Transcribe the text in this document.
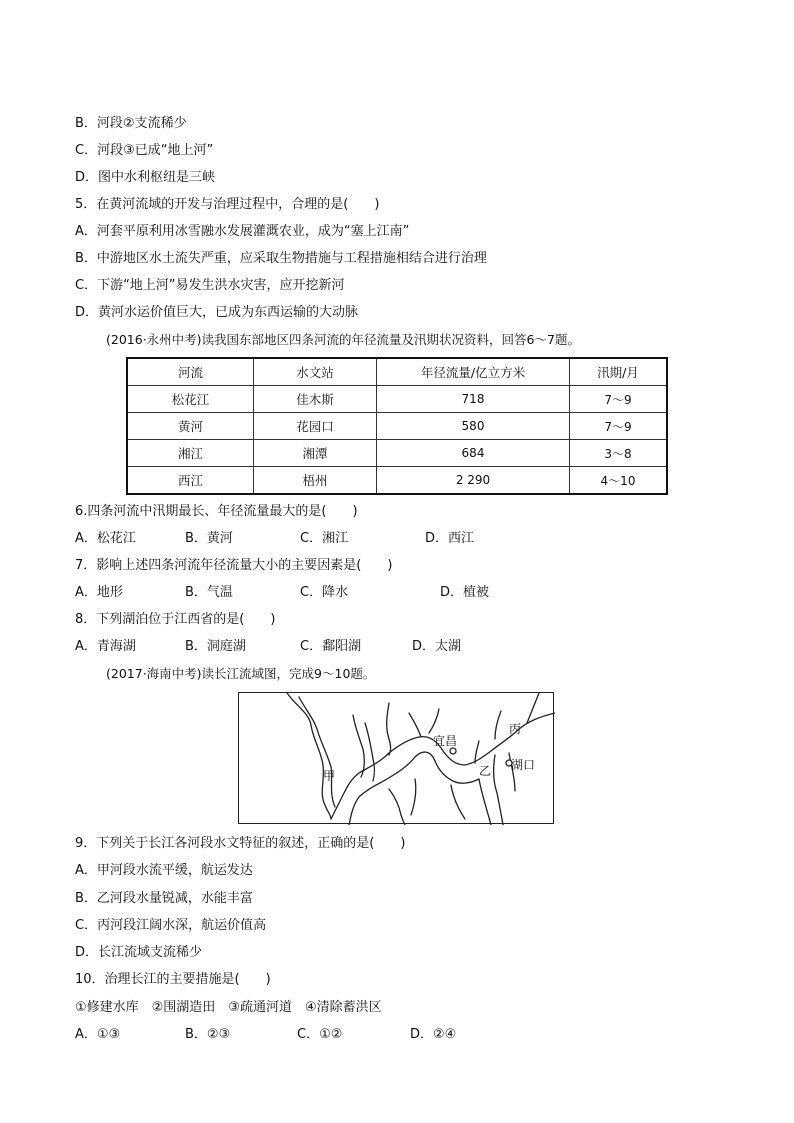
B．河段②支流稀少
C．河段③已成“地上河”
D．图中水利枢纽是三峡
5．在黄河流域的开发与治理过程中，合理的是(　　)
A．河套平原利用冰雪融水发展灌溉农业，成为“塞上江南”
B．中游地区水土流失严重，应采取生物措施与工程措施相结合进行治理
C．下游“地上河”易发生洪水灾害，应开挖新河
D．黄河水运价值巨大，已成为东西运输的大动脉
(2016·永州中考)读我国东部地区四条河流的年径流量及汛期状况资料，回答6～7题。
河流	水文站	年径流量/亿立方米	汛期/月
松花江	佳木斯	718	7～9
黄河	花园口	580	7～9
湘江	湘潭	684	3～8
西江	梧州	2 290	4～10
6.四条河流中汛期最长、年径流量最大的是(　　)
A．松花江	B．黄河	C．湘江	D．西江
7．影响上述四条河流年径流量大小的主要因素是(　　)
A．地形	B．气温	C．降水	D．植被
8．下列湖泊位于江西省的是(　　)
A．青海湖	B．洞庭湖	C．鄱阳湖	D．太湖
(2017·海南中考)读长江流域图，完成9～10题。
甲
宜昌
丙
乙 湖口
9．下列关于长江各河段水文特征的叙述，正确的是(　　)
A．甲河段水流平缓，航运发达
B．乙河段水量锐减，水能丰富
C．丙河段江阔水深，航运价值高
D．长江流域支流稀少
10．治理长江的主要措施是(　　)
①修建水库　②围湖造田　③疏通河道　④清除蓄洪区
A．①③	B．②③	C．①②	D．②④
